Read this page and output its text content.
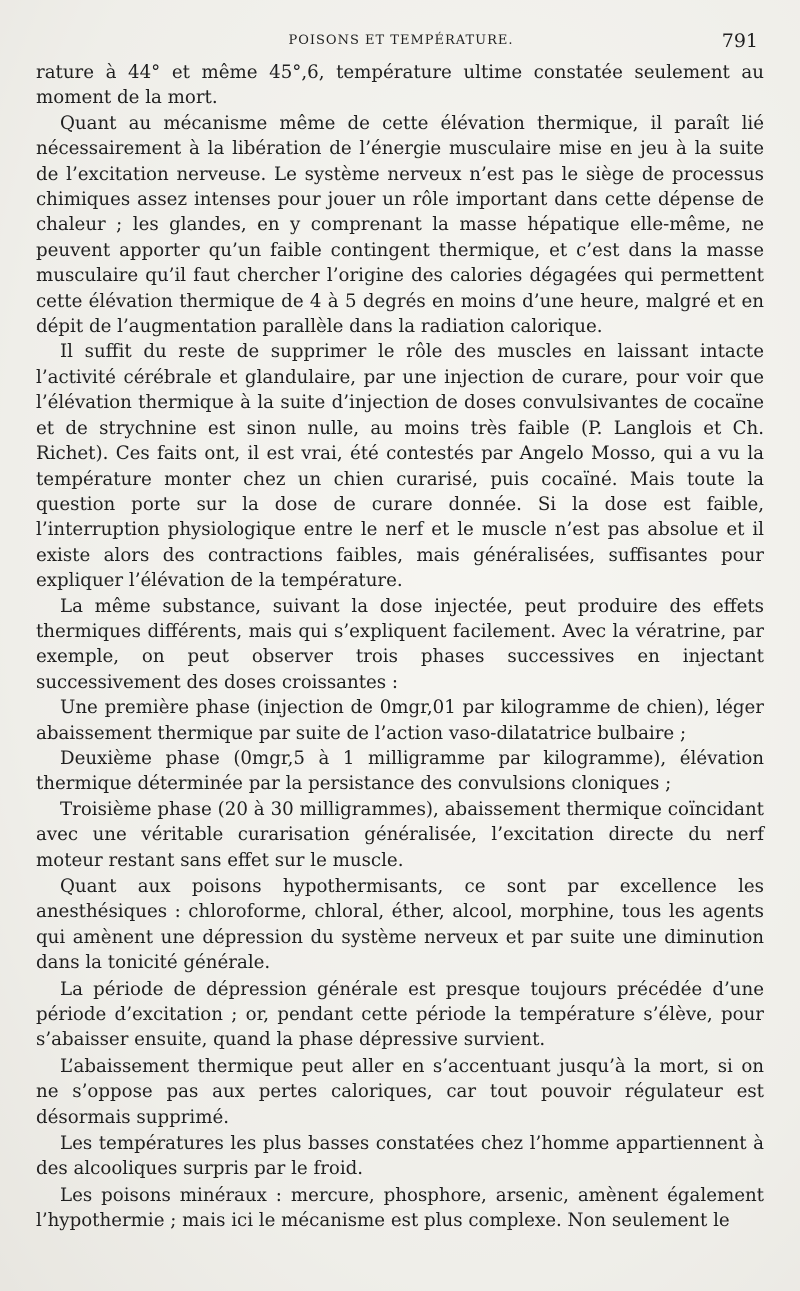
POISONS ET TEMPÉRATURE.	791

rature à 44° et même 45°,6, température ultime constatée seulement au moment de la mort.

Quant au mécanisme même de cette élévation thermique, il paraît lié nécessairement à la libération de l’énergie musculaire mise en jeu à la suite de l’excitation nerveuse. Le système nerveux n’est pas le siège de processus chimiques assez intenses pour jouer un rôle important dans cette dépense de chaleur ; les glandes, en y comprenant la masse hépatique elle-même, ne peuvent apporter qu’un faible contingent thermique, et c’est dans la masse musculaire qu’il faut chercher l’origine des calories dégagées qui permettent cette élévation thermique de 4 à 5 degrés en moins d’une heure, malgré et en dépit de l’augmentation parallèle dans la radiation calorique.

Il suffit du reste de supprimer le rôle des muscles en laissant intacte l’activité cérébrale et glandulaire, par une injection de curare, pour voir que l’élévation thermique à la suite d’injection de doses convulsivantes de cocaïne et de strychnine est sinon nulle, au moins très faible (P. Langlois et Ch. Richet). Ces faits ont, il est vrai, été contestés par Angelo Mosso, qui a vu la température monter chez un chien curarisé, puis cocaïné. Mais toute la question porte sur la dose de curare donnée. Si la dose est faible, l’interruption physiologique entre le nerf et le muscle n’est pas absolue et il existe alors des contractions faibles, mais généralisées, suffisantes pour expliquer l’élévation de la température.

La même substance, suivant la dose injectée, peut produire des effets thermiques différents, mais qui s’expliquent facilement. Avec la vératrine, par exemple, on peut observer trois phases successives en injectant successivement des doses croissantes :

Une première phase (injection de 0mgr,01 par kilogramme de chien), léger abaissement thermique par suite de l’action vaso-dilatatrice bulbaire ;

Deuxième phase (0mgr,5 à 1 milligramme par kilogramme), élévation thermique déterminée par la persistance des convulsions cloniques ;

Troisième phase (20 à 30 milligrammes), abaissement thermique coïncidant avec une véritable curarisation généralisée, l’excitation directe du nerf moteur restant sans effet sur le muscle.

Quant aux poisons hypothermisants, ce sont par excellence les anesthésiques : chloroforme, chloral, éther, alcool, morphine, tous les agents qui amènent une dépression du système nerveux et par suite une diminution dans la tonicité générale.

La période de dépression générale est presque toujours précédée d’une période d’excitation ; or, pendant cette période la température s’élève, pour s’abaisser ensuite, quand la phase dépressive survient.

L’abaissement thermique peut aller en s’accentuant jusqu’à la mort, si on ne s’oppose pas aux pertes caloriques, car tout pouvoir régulateur est désormais supprimé.

Les températures les plus basses constatées chez l’homme appartiennent à des alcooliques surpris par le froid.

Les poisons minéraux : mercure, phosphore, arsenic, amènent également l’hypothermie ; mais ici le mécanisme est plus complexe. Non seulement le
